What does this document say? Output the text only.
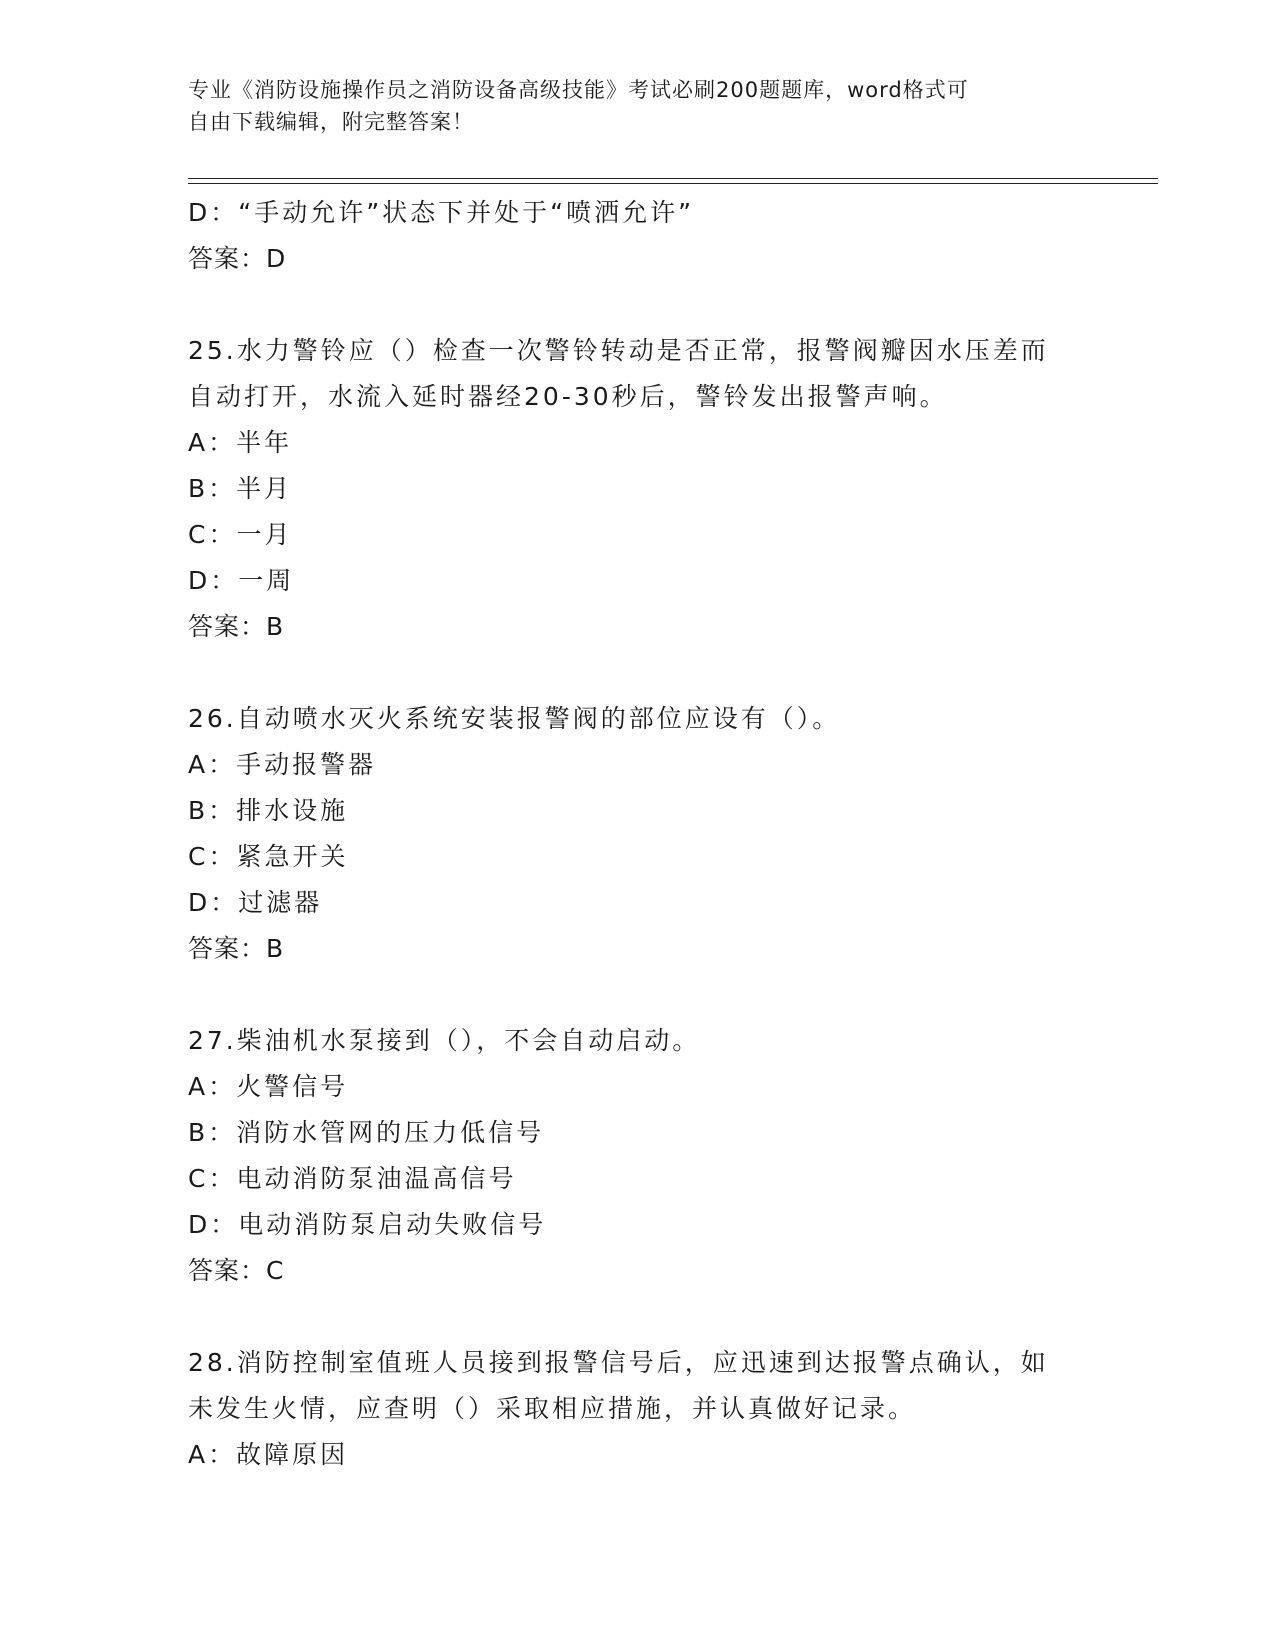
专业《消防设施操作员之消防设备高级技能》考试必刷200题题库，word格式可
自由下载编辑，附完整答案！
D：“手动允许”状态下并处于“喷洒允许”
答案：D
25.水力警铃应（）检查一次警铃转动是否正常，报警阀瓣因水压差而
自动打开，水流入延时器经20-30秒后，警铃发出报警声响。
A：半年
B：半月
C：一月
D：一周
答案：B
26.自动喷水灭火系统安装报警阀的部位应设有（）。
A：手动报警器
B：排水设施
C：紧急开关
D：过滤器
答案：B
27.柴油机水泵接到（），不会自动启动。
A：火警信号
B：消防水管网的压力低信号
C：电动消防泵油温高信号
D：电动消防泵启动失败信号
答案：C
28.消防控制室值班人员接到报警信号后，应迅速到达报警点确认，如
未发生火情，应查明（）采取相应措施，并认真做好记录。
A：故障原因
